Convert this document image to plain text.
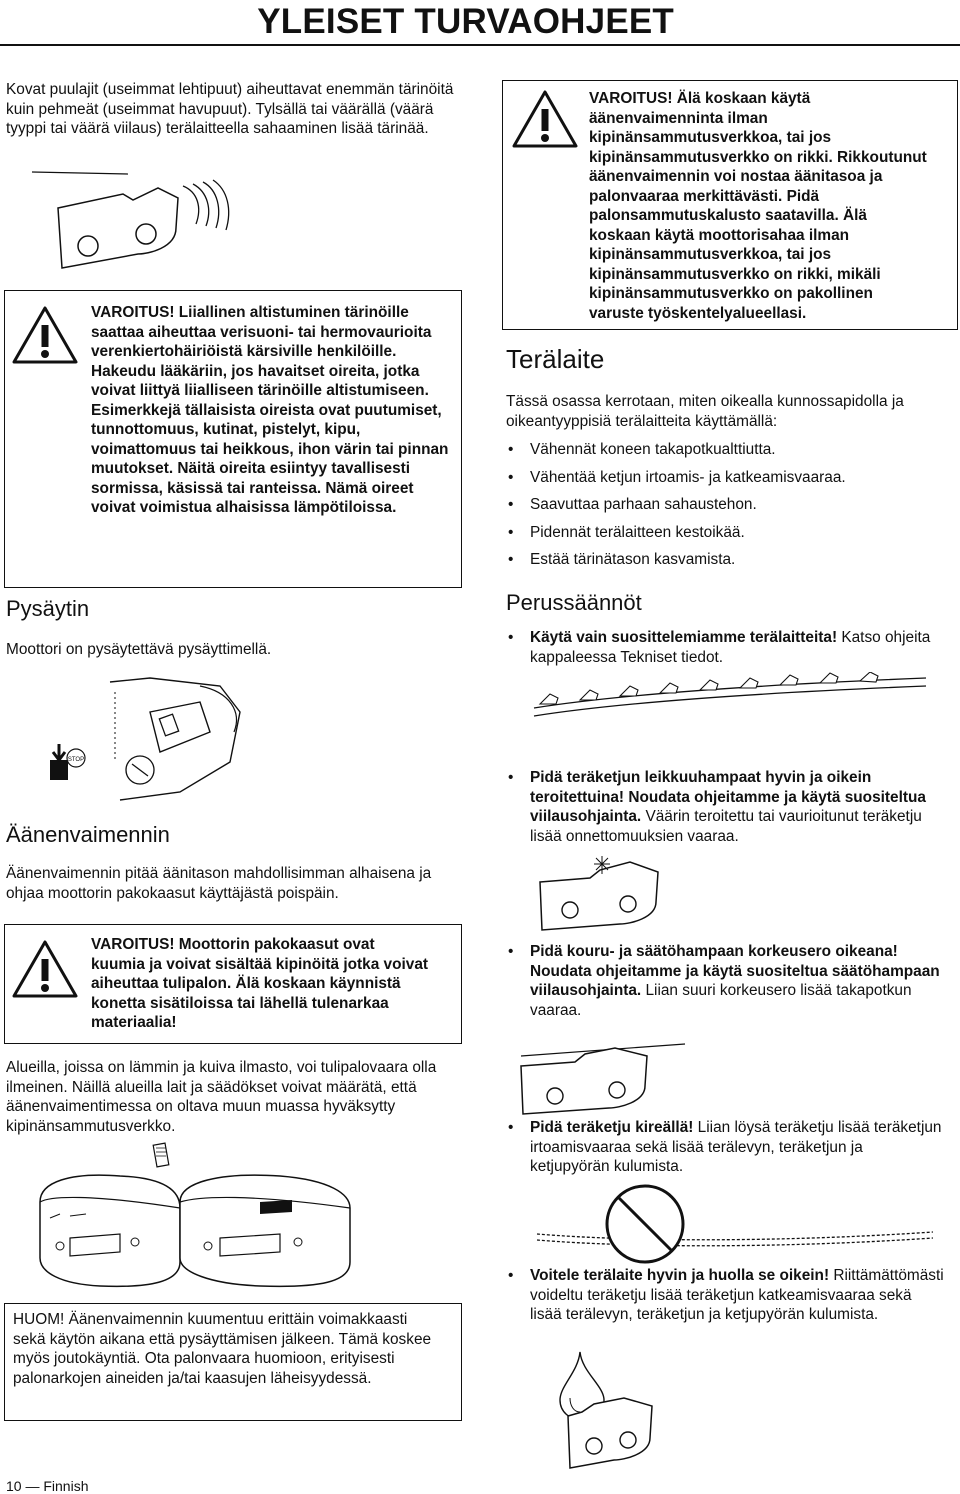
YLEISET TURVAOHJEET
Kovat puulajit (useimmat lehtipuut) aiheuttavat enemmän tärinöitä kuin pehmeät (useimmat havupuut). Tylsällä tai väärällä (väärä tyyppi tai väärä viilaus) terälaitteella sahaaminen lisää tärinää.
VAROITUS! Liiallinen altistuminen tärinöille saattaa aiheuttaa verisuoni- tai hermovaurioita verenkiertohäiriöistä kärsiville henkilöille. Hakeudu lääkäriin, jos havaitset oireita, jotka voivat liittyä liialliseen tärinöille altistumiseen. Esimerkkejä tällaisista oireista ovat puutumiset, tunnottomuus, kutinat, pistelyt, kipu, voimattomuus tai heikkous, ihon värin tai pinnan muutokset. Näitä oireita esiintyy tavallisesti sormissa, käsissä tai ranteissa. Nämä oireet voivat voimistua alhaisissa lämpötiloissa.
Pysäytin
Moottori on pysäytettävä pysäyttimellä.
STOP
Äänenvaimennin
Äänenvaimennin pitää äänitason mahdollisimman alhaisena ja ohjaa moottorin pakokaasut käyttäjästä poispäin.
VAROITUS! Moottorin pakokaasut ovat kuumia ja voivat sisältää kipinöitä jotka voivat aiheuttaa tulipalon. Älä koskaan käynnistä konetta sisätiloissa tai lähellä tulenarkaa materiaalia!
Alueilla, joissa on lämmin ja kuiva ilmasto, voi tulipalovaara olla ilmeinen. Näillä alueilla lait ja säädökset voivat määrätä, että äänenvaimentimessa on oltava muun muassa hyväksytty kipinänsammutusverkko.
HUOM! Äänenvaimennin kuumentuu erittäin voimakkaasti sekä käytön aikana että pysäyttämisen jälkeen. Tämä koskee myös joutokäyntiä. Ota palonvaara huomioon, erityisesti palonarkojen aineiden ja/tai kaasujen läheisyydessä.
10 — Finnish
VAROITUS! Älä koskaan käytä äänenvaimenninta ilman kipinänsammutusverkkoa, tai jos kipinänsammutusverkko on rikki. Rikkoutunut äänenvaimennin voi nostaa äänitasoa ja palonvaaraa merkittävästi. Pidä palonsammutuskalusto saatavilla. Älä koskaan käytä moottorisahaa ilman kipinänsammutusverkkoa, tai jos kipinänsammutusverkko on rikki, mikäli kipinänsammutusverkko on pakollinen varuste työskentelyalueellasi.
Terälaite
Tässä osassa kerrotaan, miten oikealla kunnossapidolla ja oikeantyyppisiä terälaitteita käyttämällä:
• Vähennät koneen takapotkualttiutta.
• Vähentää ketjun irtoamis- ja katkeamisvaaraa.
• Saavuttaa parhaan sahaustehon.
• Pidennät terälaitteen kestoikää.
• Estää tärinätason kasvamista.
Perussäännöt
• Käytä vain suosittelemiamme terälaitteita! Katso ohjeita kappaleessa Tekniset tiedot.
• Pidä teräketjun leikkuuhampaat hyvin ja oikein teroitettuina! Noudata ohjeitamme ja käytä suositeltua viilausohjainta. Väärin teroitettu tai vaurioitunut teräketju lisää onnettomuuksien vaaraa.
• Pidä kouru- ja säätöhampaan korkeusero oikeana! Noudata ohjeitamme ja käytä suositeltua säätöhampaan viilausohjainta. Liian suuri korkeusero lisää takapotkun vaaraa.
• Pidä teräketju kireällä! Liian löysä teräketju lisää teräketjun irtoamisvaaraa sekä lisää terälevyn, teräketjun ja ketjupyörän kulumista.
• Voitele terälaite hyvin ja huolla se oikein! Riittämättömästi voideltu teräketju lisää teräketjun katkeamisvaaraa sekä lisää terälevyn, teräketjun ja ketjupyörän kulumista.
